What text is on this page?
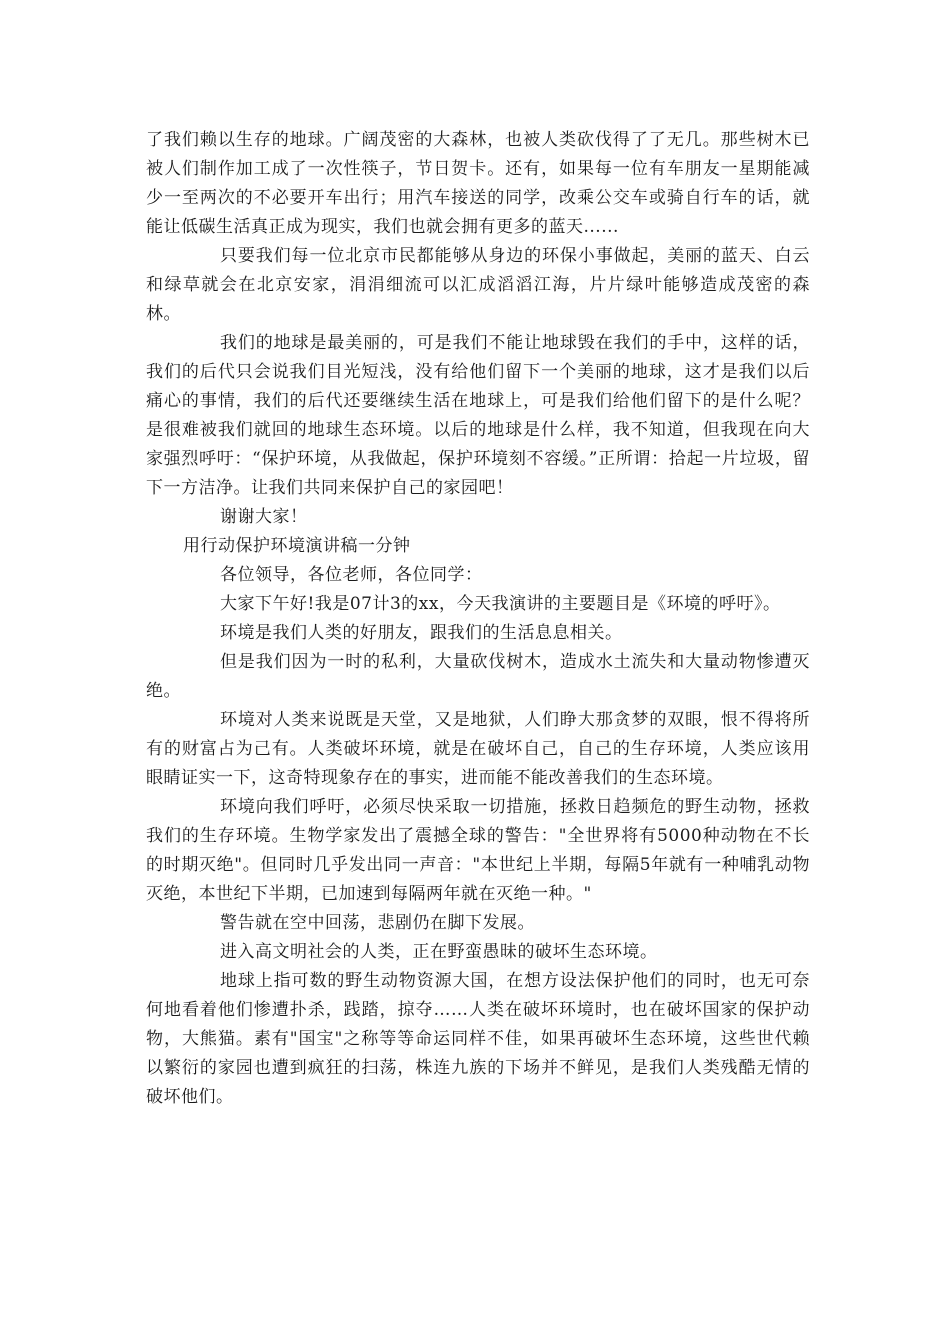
了我们赖以生存的地球。广阔茂密的大森林，也被人类砍伐得了了无几。那些树木已被人们制作加工成了一次性筷子，节日贺卡。还有，如果每一位有车朋友一星期能减少一至两次的不必要开车出行；用汽车接送的同学，改乘公交车或骑自行车的话，就能让低碳生活真正成为现实，我们也就会拥有更多的蓝天......

只要我们每一位北京市民都能够从身边的环保小事做起，美丽的蓝天、白云和绿草就会在北京安家，涓涓细流可以汇成滔滔江海，片片绿叶能够造成茂密的森林。

我们的地球是最美丽的，可是我们不能让地球毁在我们的手中，这样的话，我们的后代只会说我们目光短浅，没有给他们留下一个美丽的地球，这才是我们以后痛心的事情，我们的后代还要继续生活在地球上，可是我们给他们留下的是什么呢？是很难被我们就回的地球生态环境。以后的地球是什么样，我不知道，但我现在向大家强烈呼吁：“保护环境，从我做起，保护环境刻不容缓。”正所谓：拾起一片垃圾，留下一方洁净。让我们共同来保护自己的家园吧！

谢谢大家！

用行动保护环境演讲稿一分钟

各位领导，各位老师，各位同学：

大家下午好!我是07计3的xx，今天我演讲的主要题目是《环境的呼吁》。

环境是我们人类的好朋友，跟我们的生活息息相关。

但是我们因为一时的私利，大量砍伐树木，造成水土流失和大量动物惨遭灭绝。

环境对人类来说既是天堂，又是地狱，人们睁大那贪梦的双眼，恨不得将所有的财富占为己有。人类破坏环境，就是在破坏自己，自己的生存环境，人类应该用眼睛证实一下，这奇特现象存在的事实，进而能不能改善我们的生态环境。

环境向我们呼吁，必须尽快采取一切措施，拯救日趋频危的野生动物，拯救我们的生存环境。生物学家发出了震撼全球的警告："全世界将有5000种动物在不长的时期灭绝"。但同时几乎发出同一声音："本世纪上半期，每隔5年就有一种哺乳动物灭绝，本世纪下半期，已加速到每隔两年就在灭绝一种。"

警告就在空中回荡，悲剧仍在脚下发展。

进入高文明社会的人类，正在野蛮愚昧的破坏生态环境。

地球上指可数的野生动物资源大国，在想方设法保护他们的同时，也无可奈何地看着他们惨遭扑杀，践踏，掠夺……人类在破坏环境时，也在破坏国家的保护动物，大熊猫。素有"国宝"之称等等命运同样不佳，如果再破坏生态环境，这些世代赖以繁衍的家园也遭到疯狂的扫荡，株连九族的下场并不鲜见，是我们人类残酷无情的破坏他们。
